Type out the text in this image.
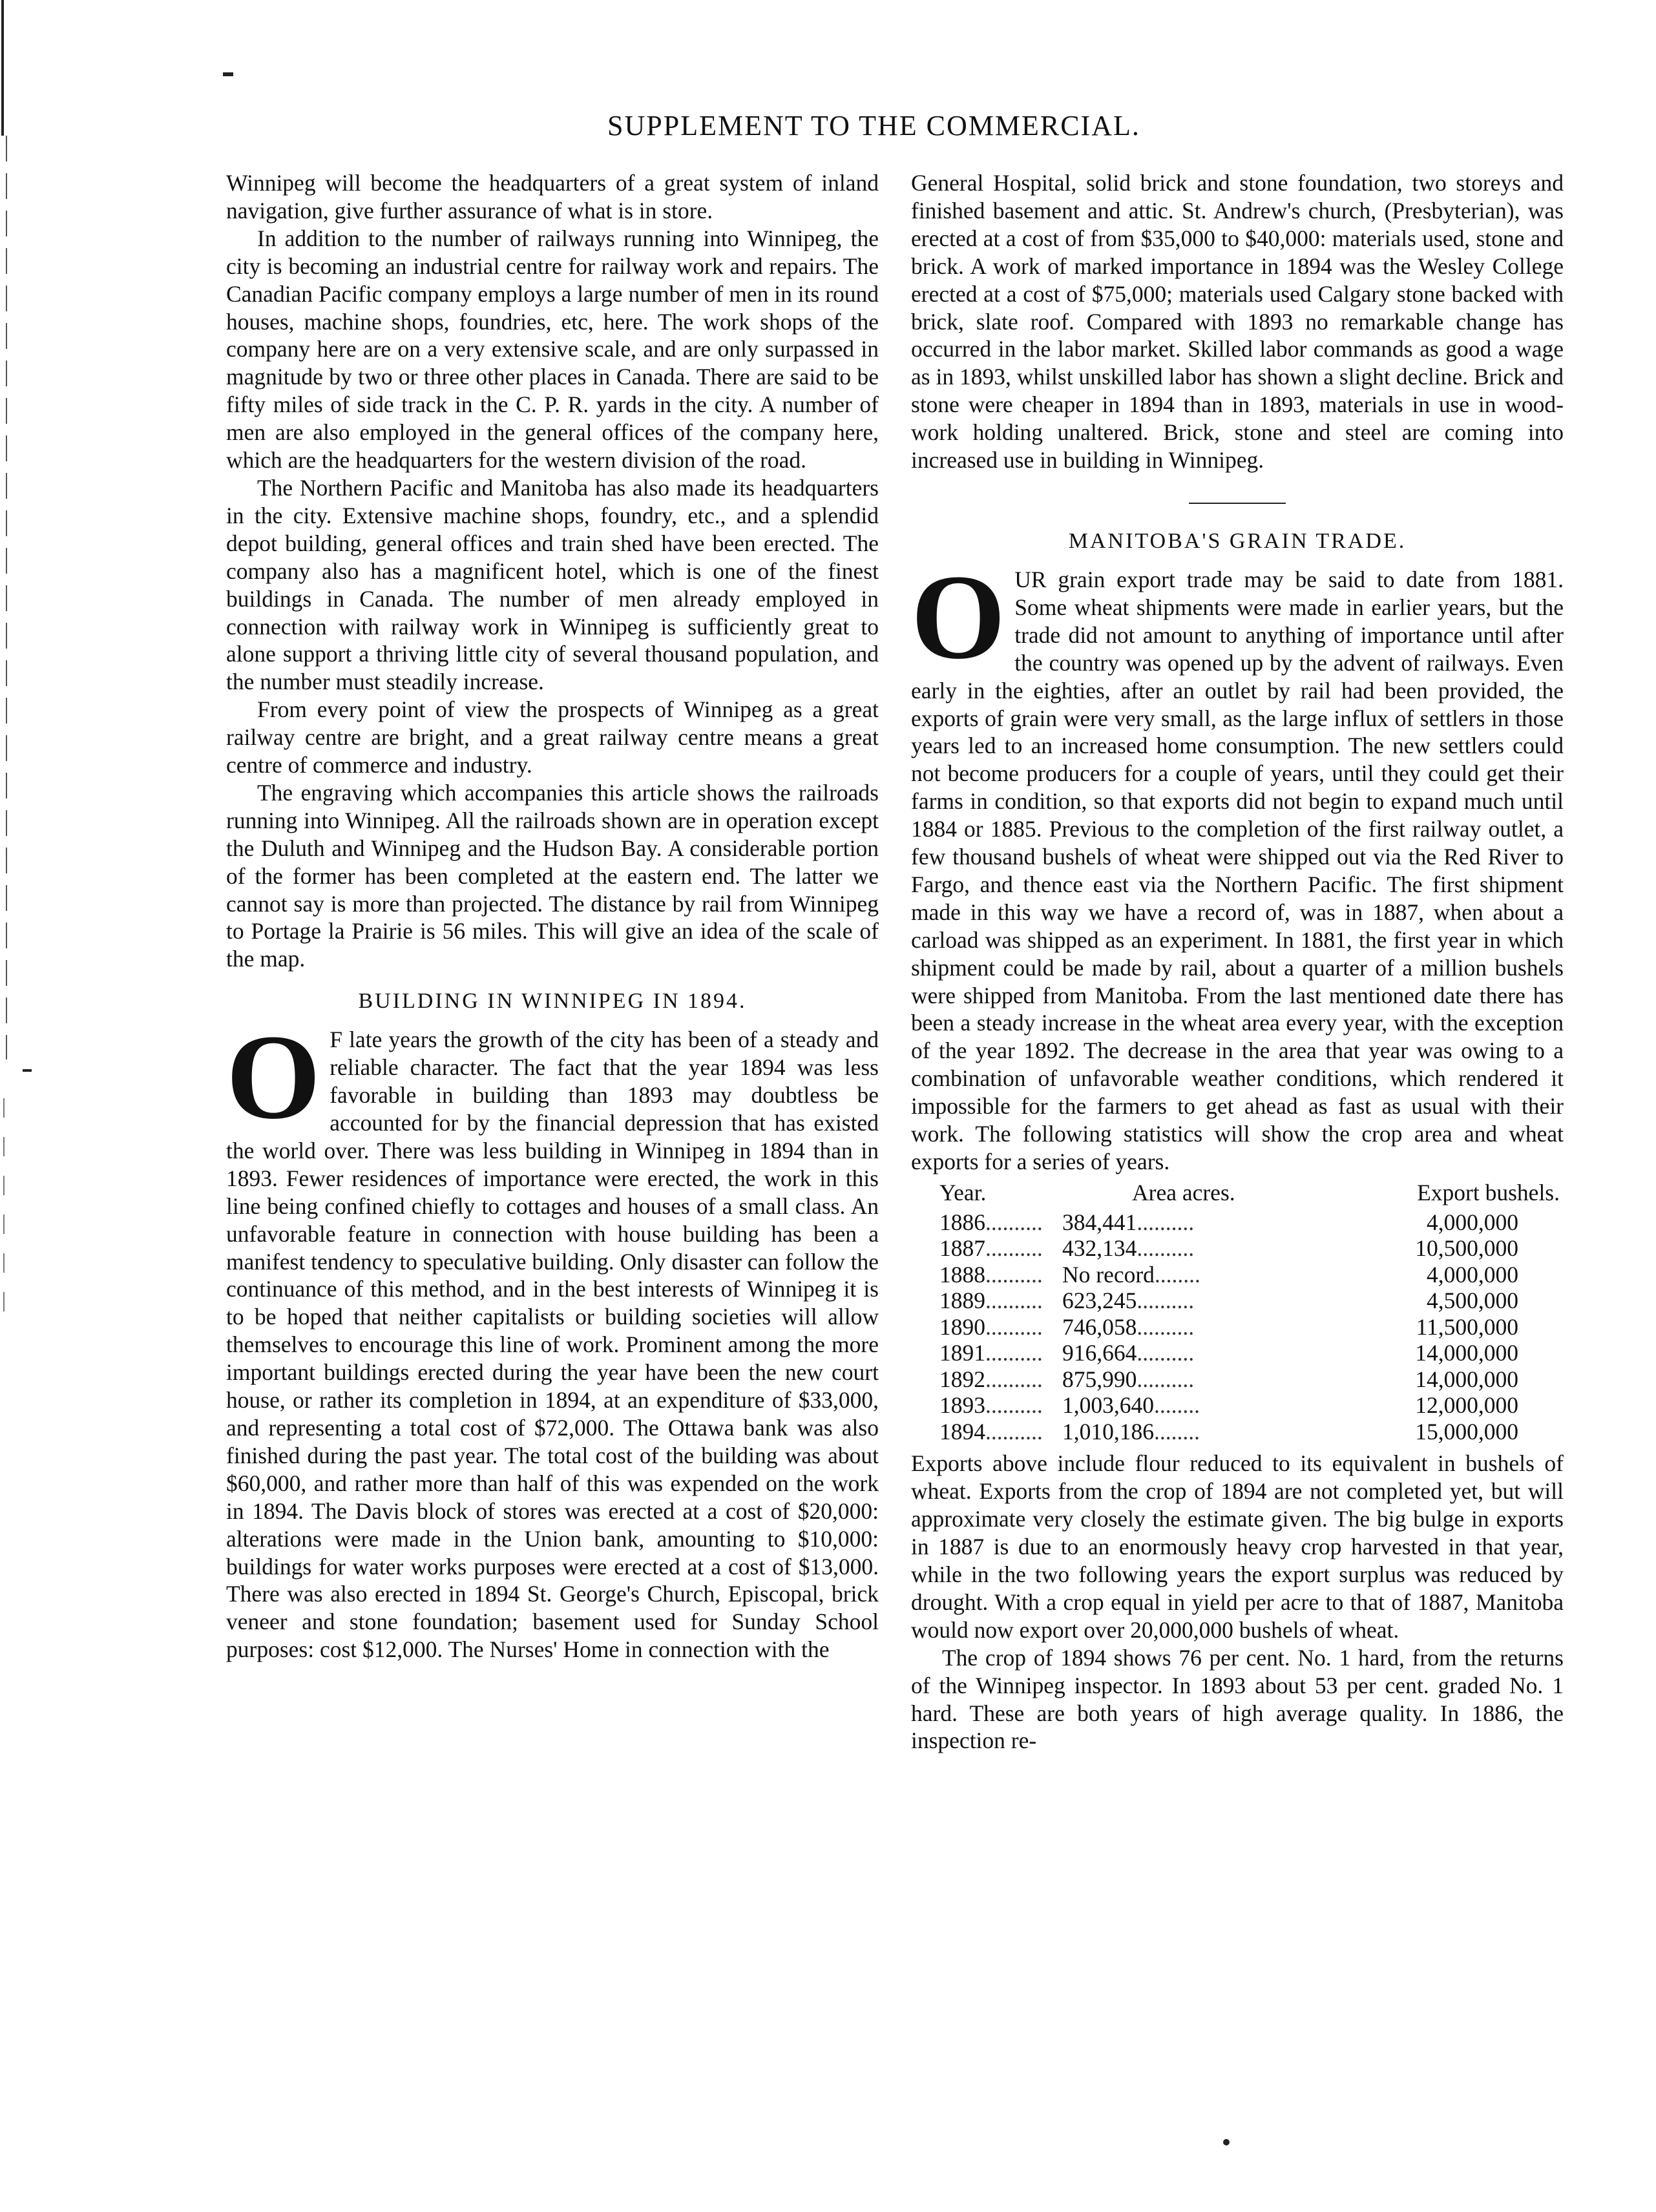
SUPPLEMENT TO THE COMMERCIAL.

Winnipeg will become the headquarters of a great system of inland navigation, give further assurance of what is in store.

In addition to the number of railways running into Winnipeg, the city is becoming an industrial centre for railway work and repairs. The Canadian Pacific company employs a large number of men in its round houses, machine shops, foundries, etc, here. The work shops of the company here are on a very extensive scale, and are only surpassed in magnitude by two or three other places in Canada. There are said to be fifty miles of side track in the C. P. R. yards in the city. A number of men are also employed in the general offices of the company here, which are the headquarters for the western division of the road.

The Northern Pacific and Manitoba has also made its headquarters in the city. Extensive machine shops, foundry, etc., and a splendid depot building, general offices and train shed have been erected. The company also has a magnificent hotel, which is one of the finest buildings in Canada. The number of men already employed in connection with railway work in Winnipeg is sufficiently great to alone support a thriving little city of several thousand population, and the number must steadily increase.

From every point of view the prospects of Winnipeg as a great railway centre are bright, and a great railway centre means a great centre of commerce and industry.

The engraving which accompanies this article shows the railroads running into Winnipeg. All the railroads shown are in operation except the Duluth and Winnipeg and the Hudson Bay. A considerable portion of the former has been completed at the eastern end. The latter we cannot say is more than projected. The distance by rail from Winnipeg to Portage la Prairie is 56 miles. This will give an idea of the scale of the map.

BUILDING IN WINNIPEG IN 1894.

O F late years the growth of the city has been of a steady and reliable character. The fact that the year 1894 was less favorable in building than 1893 may doubtless be accounted for by the financial depression that has existed the world over. There was less building in Winnipeg in 1894 than in 1893. Fewer residences of importance were erected, the work in this line being confined chiefly to cottages and houses of a small class. An unfavorable feature in connection with house building has been a manifest tendency to speculative building. Only disaster can follow the continuance of this method, and in the best interests of Winnipeg it is to be hoped that neither capitalists or building societies will allow themselves to encourage this line of work. Prominent among the more important buildings erected during the year have been the new court house, or rather its completion in 1894, at an expenditure of $33,000, and representing a total cost of $72,000. The Ottawa bank was also finished during the past year. The total cost of the building was about $60,000, and rather more than half of this was expended on the work in 1894. The Davis block of stores was erected at a cost of $20,000: alterations were made in the Union bank, amounting to $10,000: buildings for water works purposes were erected at a cost of $13,000. There was also erected in 1894 St. George's Church, Episcopal, brick veneer and stone foundation; basement used for Sunday School purposes: cost $12,000. The Nurses' Home in connection with the

General Hospital, solid brick and stone foundation, two storeys and finished basement and attic. St. Andrew's church, (Presbyterian), was erected at a cost of from $35,000 to $40,000: materials used, stone and brick. A work of marked importance in 1894 was the Wesley College erected at a cost of $75,000; materials used Calgary stone backed with brick, slate roof. Compared with 1893 no remarkable change has occurred in the labor market. Skilled labor commands as good a wage as in 1893, whilst unskilled labor has shown a slight decline. Brick and stone were cheaper in 1894 than in 1893, materials in use in wood-work holding unaltered. Brick, stone and steel are coming into increased use in building in Winnipeg.

MANITOBA'S GRAIN TRADE.

OUR grain export trade may be said to date from 1881. Some wheat shipments were made in earlier years, but the trade did not amount to anything of importance until after the country was opened up by the advent of railways. Even early in the eighties, after an outlet by rail had been provided, the exports of grain were very small, as the large influx of settlers in those years led to an increased home consumption. The new settlers could not become producers for a couple of years, until they could get their farms in condition, so that exports did not begin to expand much until 1884 or 1885. Previous to the completion of the first railway outlet, a few thousand bushels of wheat were shipped out via the Red River to Fargo, and thence east via the Northern Pacific. The first shipment made in this way we have a record of, was in 1887, when about a carload was shipped as an experiment. In 1881, the first year in which shipment could be made by rail, about a quarter of a million bushels were shipped from Manitoba. From the last mentioned date there has been a steady increase in the wheat area every year, with the exception of the year 1892. The decrease in the area that year was owing to a combination of unfavorable weather conditions, which rendered it impossible for the farmers to get ahead as fast as usual with their work. The following statistics will show the crop area and wheat exports for a series of years.

Year.	Area acres.	Export bushels.
1886..........	384,441..........	4,000,000
1887..........	432,134..........	10,500,000
1888..........	No record........	4,000,000
1889..........	623,245..........	4,500,000
1890..........	746,058..........	11,500,000
1891..........	916,664..........	14,000,000
1892..........	875,990..........	14,000,000
1893..........	1,003,640........	12,000,000
1894..........	1,010,186........	15,000,000

Exports above include flour reduced to its equivalent in bushels of wheat. Exports from the crop of 1894 are not completed yet, but will approximate very closely the estimate given. The big bulge in exports in 1887 is due to an enormously heavy crop harvested in that year, while in the two following years the export surplus was reduced by drought. With a crop equal in yield per acre to that of 1887, Manitoba would now export over 20,000,000 bushels of wheat.

The crop of 1894 shows 76 per cent. No. 1 hard, from the returns of the Winnipeg inspector. In 1893 about 53 per cent. graded No. 1 hard. These are both years of high average quality. In 1886, the inspection re-
